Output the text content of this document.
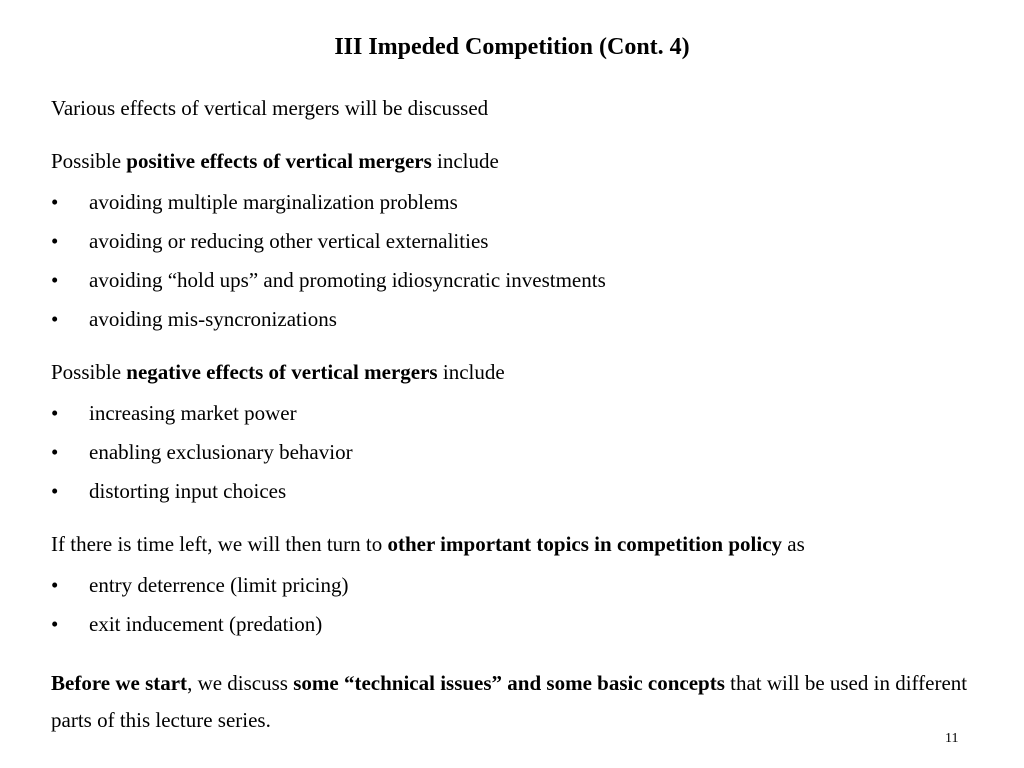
III Impeded Competition (Cont. 4)
Various effects of vertical mergers will be discussed
Possible positive effects of vertical mergers include
• avoiding multiple marginalization problems
• avoiding or reducing other vertical externalities
• avoiding “hold ups” and promoting idiosyncratic investments
• avoiding mis-syncronizations
Possible negative effects of vertical mergers include
• increasing market power
• enabling exclusionary behavior
• distorting input choices
If there is time left, we will then turn to other important topics in competition policy as
• entry deterrence (limit pricing)
• exit inducement (predation)
Before we start, we discuss some “technical issues” and some basic concepts that will be used in different parts of this lecture series.
11
